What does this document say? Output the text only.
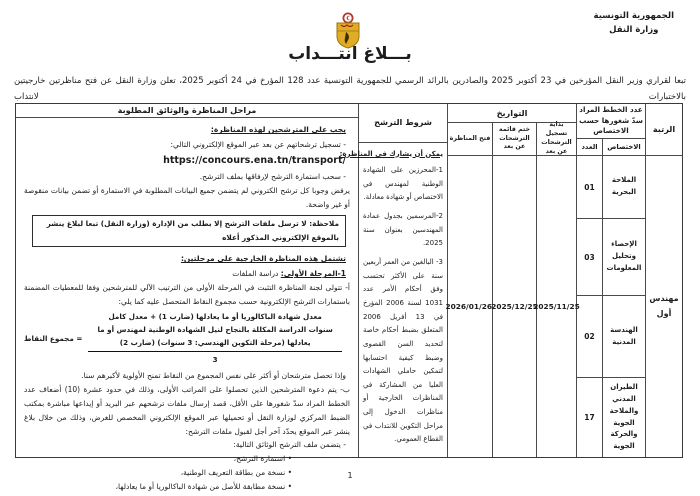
الجمهورية التونسية
وزارة النقل
بـــلاغ انتـــداب
تبعا لقراري وزير النقل المؤرخين في 23 أكتوبر 2025 والصادرين بالرائد الرسمي للجمهورية التونسية عدد 128 المؤرخ في 24 أكتوبر 2025، تعلن وزارة النقل عن فتح مناظرتين خارجيتين بالاختبارات لانتداب
الرتبة
مهندس أول
عدد الخطط المراد سدّ شغورها حسب الاختصاص
الاختصاص
العدد
الملاحة البحرية
01
الإحصاء وتحليل المعلومات
03
الهندسة المدنية
02
الطيران المدني والملاحة الجوية والحركة الجوية
17
التواريخ
بداية تسجيل الترشحات عن بعد
ختم قائمة الترشحات عن بعد
فتح المناظرة
2025/11/25
2025/12/25
2026/01/26
شروط الترشح
يمكن أن يشارك في المناظرة:
1-المحرزين على الشهادة الوطنية لمهندس في الاختصاص أو شهادة معادلة.
2-المرسمين بجدول عمادة المهندسين بعنوان سنة 2025.
3- البالغين من العمر أربعين سنة على الأكثر تحتسب وفق أحكام الأمر عدد 1031 لسنة 2006 المؤرخ في 13 أفريل 2006 المتعلق بضبط أحكام خاصة لتحديد السن القصوى وضبط كيفية احتسابها لتمكين حاملي الشهادات العليا من المشاركة في المناظرات الخارجية أو مناظرات الدخول إلى مراحل التكوين للانتداب في القطاع العمومي.
مراحل المناظرة والوثائق المطلوبة
يجب على المترشحين لهذه المناظرة:
- تسجيل ترشحاتهم عن بعد عبر الموقع الإلكتروني التالي: https://concours.ena.tn/transport/
- سحب استمارة الترشح لإرفاقها بملف الترشح.
يرفض وجوبا كل ترشح الكتروني لم يتضمن جميع البيانات المطلوبة في الاستمارة أو تضمن بيانات منقوصة أو غير واضحة.
ملاحظة: لا ترسل ملفات الترشح إلا بطلب من الإدارة (وزارة النقل) تبعا لبلاغ ينشر بالموقع الإلكتروني المذكور أعلاه
تشتمل هذه المناظرة الخارجية على مرحلتين:
1-المرحلة الأولى: دراسة الملفات
أ- تتولى لجنة المناظرة التثبت في المرحلة الأولى من الترتيب الآلي للمترشحين وفقا للمعطيات المضمنة باستمارات الترشح الإلكترونية حسب مجموع النقاط المتحصل عليه كما يلي:
مجموع النقاط =
معدل شهادة الباكالوريا أو ما يعادلها (ضارب 1) + معدل كامل سنوات الدراسة المكللة بالنجاح لنيل الشهادة الوطنية لمهندس أو ما يعادلها (مرحلة التكوين الهندسي: 3 سنوات) (ضارب 2)
3
وإذا تحصل مترشحان أو أكثر على نفس المجموع من النقاط تمنح الأولوية لأكبرهم سنا.
ب- يتم دعوة المترشحين الذين تحصلوا على المراتب الأولى، وذلك في حدود عشرة (10) أضعاف عدد الخطط المراد سدّ شغورها على الأقل، قصد إرسال ملفات ترشحهم عبر البريد أو إيداعها مباشرة بمكتب الضبط المركزي لوزارة النقل أو تحميلها عبر الموقع الإلكتروني المخصص للغرض، وذلك من خلال بلاغ ينشر عبر الموقع يحدّد آخر أجل لقبول ملفات الترشح:
- يتضمن ملف الترشح الوثائق التالية:
• استمارة الترشح،
• نسخة من بطاقة التعريف الوطنية،
• نسخة مطابقة للأصل من شهادة الباكالوريا أو ما يعادلها،
1
